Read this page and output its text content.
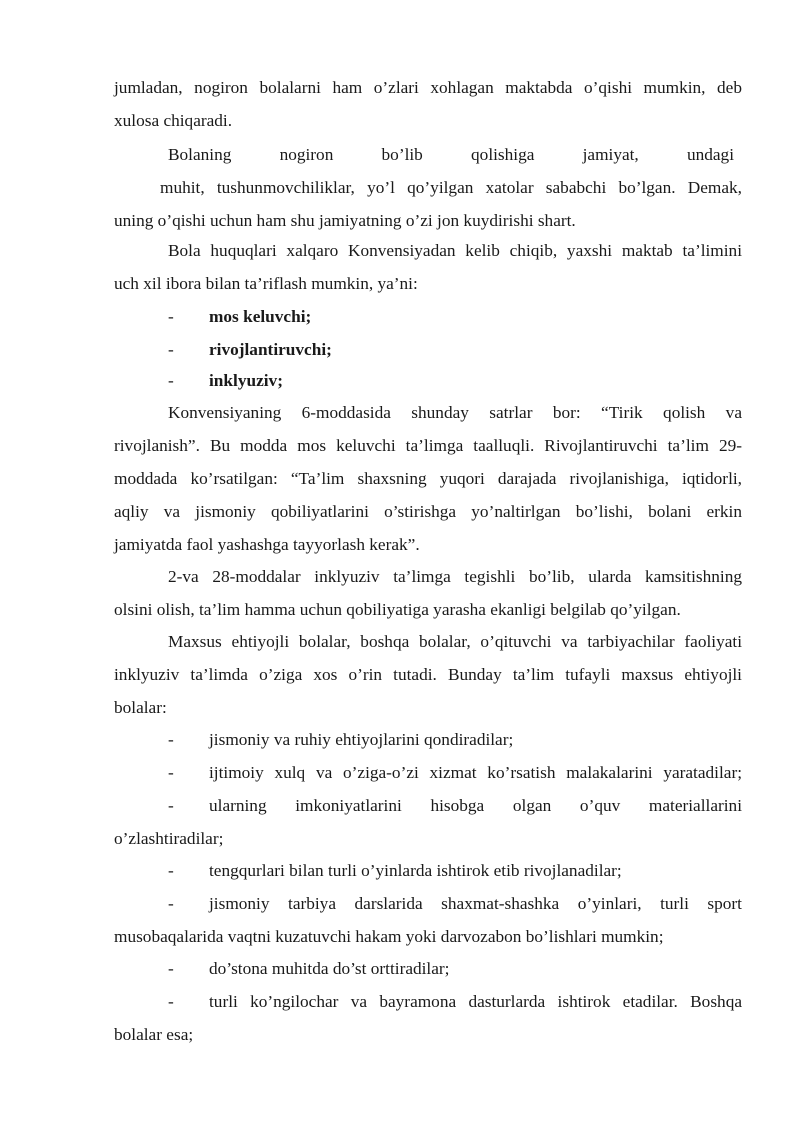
jumladan, nogiron bolalarni ham o’zlari xohlagan maktabda o’qishi mumkin, deb
xulosa chiqaradi.
Bolaning nogiron bo’lib qolishiga jamiyat, undagi
muhit, tushunmovchiliklar, yo’l qo’yilgan xatolar sababchi bo’lgan. Demak,
uning o’qishi uchun ham shu jamiyatning o’zi jon kuydirishi shart.
Bola huquqlari xalqaro Konvensiyadan kelib chiqib, yaxshi maktab ta’limini
uch xil ibora bilan ta’riflash mumkin, ya’ni:
- mos keluvchi;
- rivojlantiruvchi;
- inklyuziv;
Konvensiyaning 6-moddasida shunday satrlar bor: “Tirik qolish va
rivojlanish”. Bu modda mos keluvchi ta’limga taalluqli. Rivojlantiruvchi ta’lim 29-
moddada ko’rsatilgan: “Ta’lim shaxsning yuqori darajada rivojlanishiga, iqtidorli,
aqliy va jismoniy qobiliyatlarini o’stirishga yo’naltirlgan bo’lishi, bolani erkin
jamiyatda faol yashashga tayyorlash kerak”.
2-va 28-moddalar inklyuziv ta’limga tegishli bo’lib, ularda kamsitishning
olsini olish, ta’lim hamma uchun qobiliyatiga yarasha ekanligi belgilab qo’yilgan.
Maxsus ehtiyojli bolalar, boshqa bolalar, o’qituvchi va tarbiyachilar faoliyati
inklyuziv ta’limda o’ziga xos o’rin tutadi. Bunday ta’lim tufayli maxsus ehtiyojli
bolalar:
- jismoniy va ruhiy ehtiyojlarini qondiradilar;
- ijtimoiy xulq va o’ziga-o’zi xizmat ko’rsatish malakalarini yaratadilar;
- ularning imkoniyatlarini hisobga olgan o’quv materiallarini
o’zlashtiradilar;
- tengqurlari bilan turli o’yinlarda ishtirok etib rivojlanadilar;
- jismoniy tarbiya darslarida shaxmat-shashka o’yinlari, turli sport
musobaqalarida vaqtni kuzatuvchi hakam yoki darvozabon bo’lishlari mumkin;
- do’stona muhitda do’st orttiradilar;
- turli ko’ngilochar va bayramona dasturlarda ishtirok etadilar. Boshqa
bolalar esa;
